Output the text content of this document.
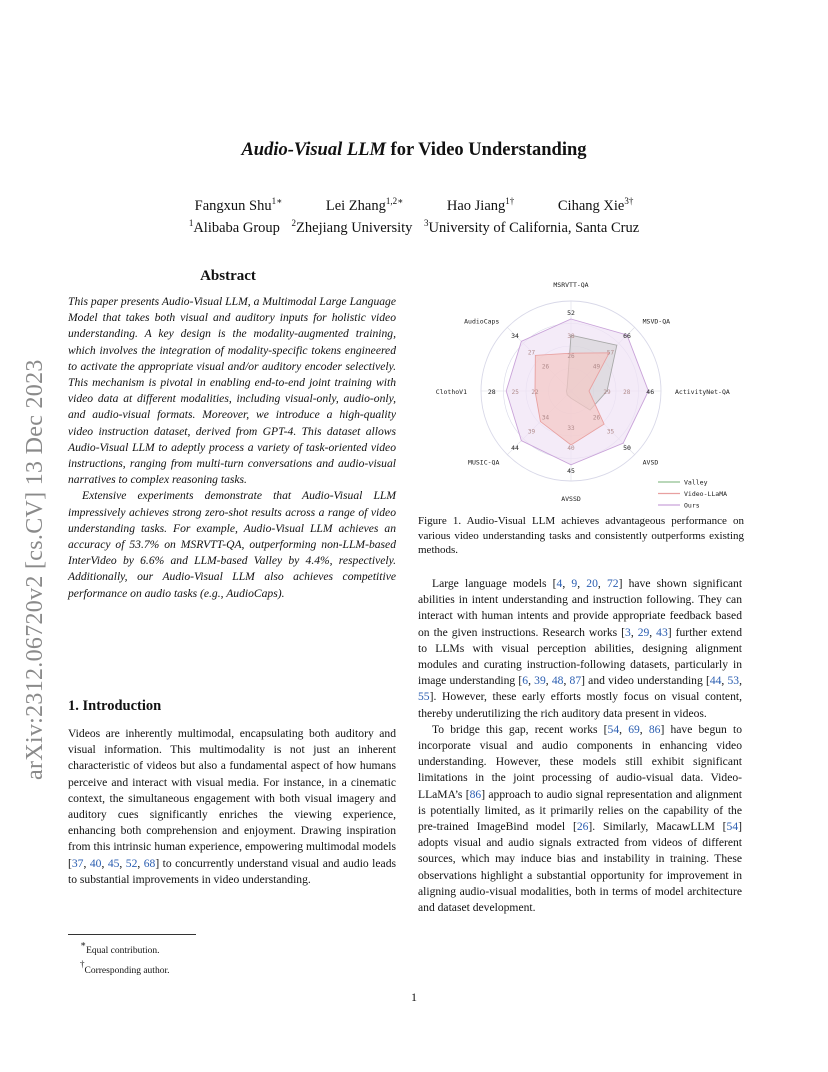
Audio-Visual LLM for Video Understanding
Fangxun Shu$^{1∗}$	Lei Zhang$^{1,2∗}$	Hao Jiang$^{1\dagger}$	Cihang Xie$^{3\dagger}$
$^1$Alibaba Group $^2$Zhejiang University $^3$University of California, Santa Cruz
arXiv:2312.06720v2 [cs.CV] 13 Dec 2023
Abstract

This paper presents Audio-Visual LLM, a Multimodal Large Language Model that takes both visual and auditory inputs for holistic video understanding. A key design is the modality-augmented training, which involves the integration of modality-specific tokens engineered to activate the appropriate visual and/or auditory encoder selectively. This mechanism is pivotal in enabling end-to-end joint training with video data at different modalities, including visual-only, audio-only, and audio-visual formats. Moreover, we introduce a high-quality video instruction dataset, derived from GPT-4. This dataset allows Audio-Visual LLM to adeptly process a variety of task-oriented video instructions, ranging from multi-turn conversations and audio-visual narratives to complex reasoning tasks.

Extensive experiments demonstrate that Audio-Visual LLM impressively achieves strong zero-shot results across a range of video understanding tasks. For example, Audio-Visual LLM achieves an accuracy of 53.7% on MSRVTT-QA, outperforming non-LLM-based InterVideo by 6.6% and LLM-based Valley by 4.4%, respectively. Additionally, our Audio-Visual LLM also achieves competitive performance on audio tasks (e.g., AudioCaps).

1. Introduction
Videos are inherently multimodal, encapsulating both auditory and visual information. This multimodality is not just an inherent characteristic of videos but also a fundamental aspect of how humans perceive and interact with visual media. For instance, in a cinematic context, the simultaneous engagement with both visual imagery and auditory cues significantly enriches the viewing experience, enhancing both comprehension and enjoyment. Drawing inspiration from this intrinsic human experience, empowering multimodal models [37, 40, 45, 52, 68] to concurrently understand visual and audio leads to substantial improvements in video understanding.
∗Equal contribution.
†Corresponding author.
1
52
38
26
66
57
49
46
28
29
50
35
26
45
40
33
44
39
34
28	25 22
34
27
26
MSRVTT-QA
MSVD-QA
ActivityNet-QA
AVSD
AVSSD
MUSIC-QA
ClothoV1
AudioCaps
Valley
Video-LLaMA
Ours
Figure 1. Audio-Visual LLM achieves advantageous performance on various video understanding tasks and consistently outperforms existing methods.

Large language models [4, 9, 20, 72] have shown significant abilities in intent understanding and instruction following. They can interact with human intents and provide appropriate feedback based on the given instructions. Research works [3, 29, 43] further extend to LLMs with visual perception abilities, designing alignment modules and curating instruction-following datasets, particularly in image understanding [6, 39, 48, 87] and video understanding [44, 53, 55]. However, these early efforts mostly focus on visual content, thereby underutilizing the rich auditory data present in videos.

To bridge this gap, recent works [54, 69, 86] have begun to incorporate visual and audio components in enhancing video understanding. However, these models still exhibit significant limitations in the joint processing of audio-visual data. Video-LLaMA’s [86] approach to audio signal representation and alignment is potentially limited, as it primarily relies on the capability of the pre-trained ImageBind model [26]. Similarly, MacawLLM [54] adopts visual and audio signals extracted from videos of different sources, which may induce bias and instability in training. These observations highlight a substantial opportunity for improvement in aligning audio-visual modalities, both in terms of model architecture and dataset development.
